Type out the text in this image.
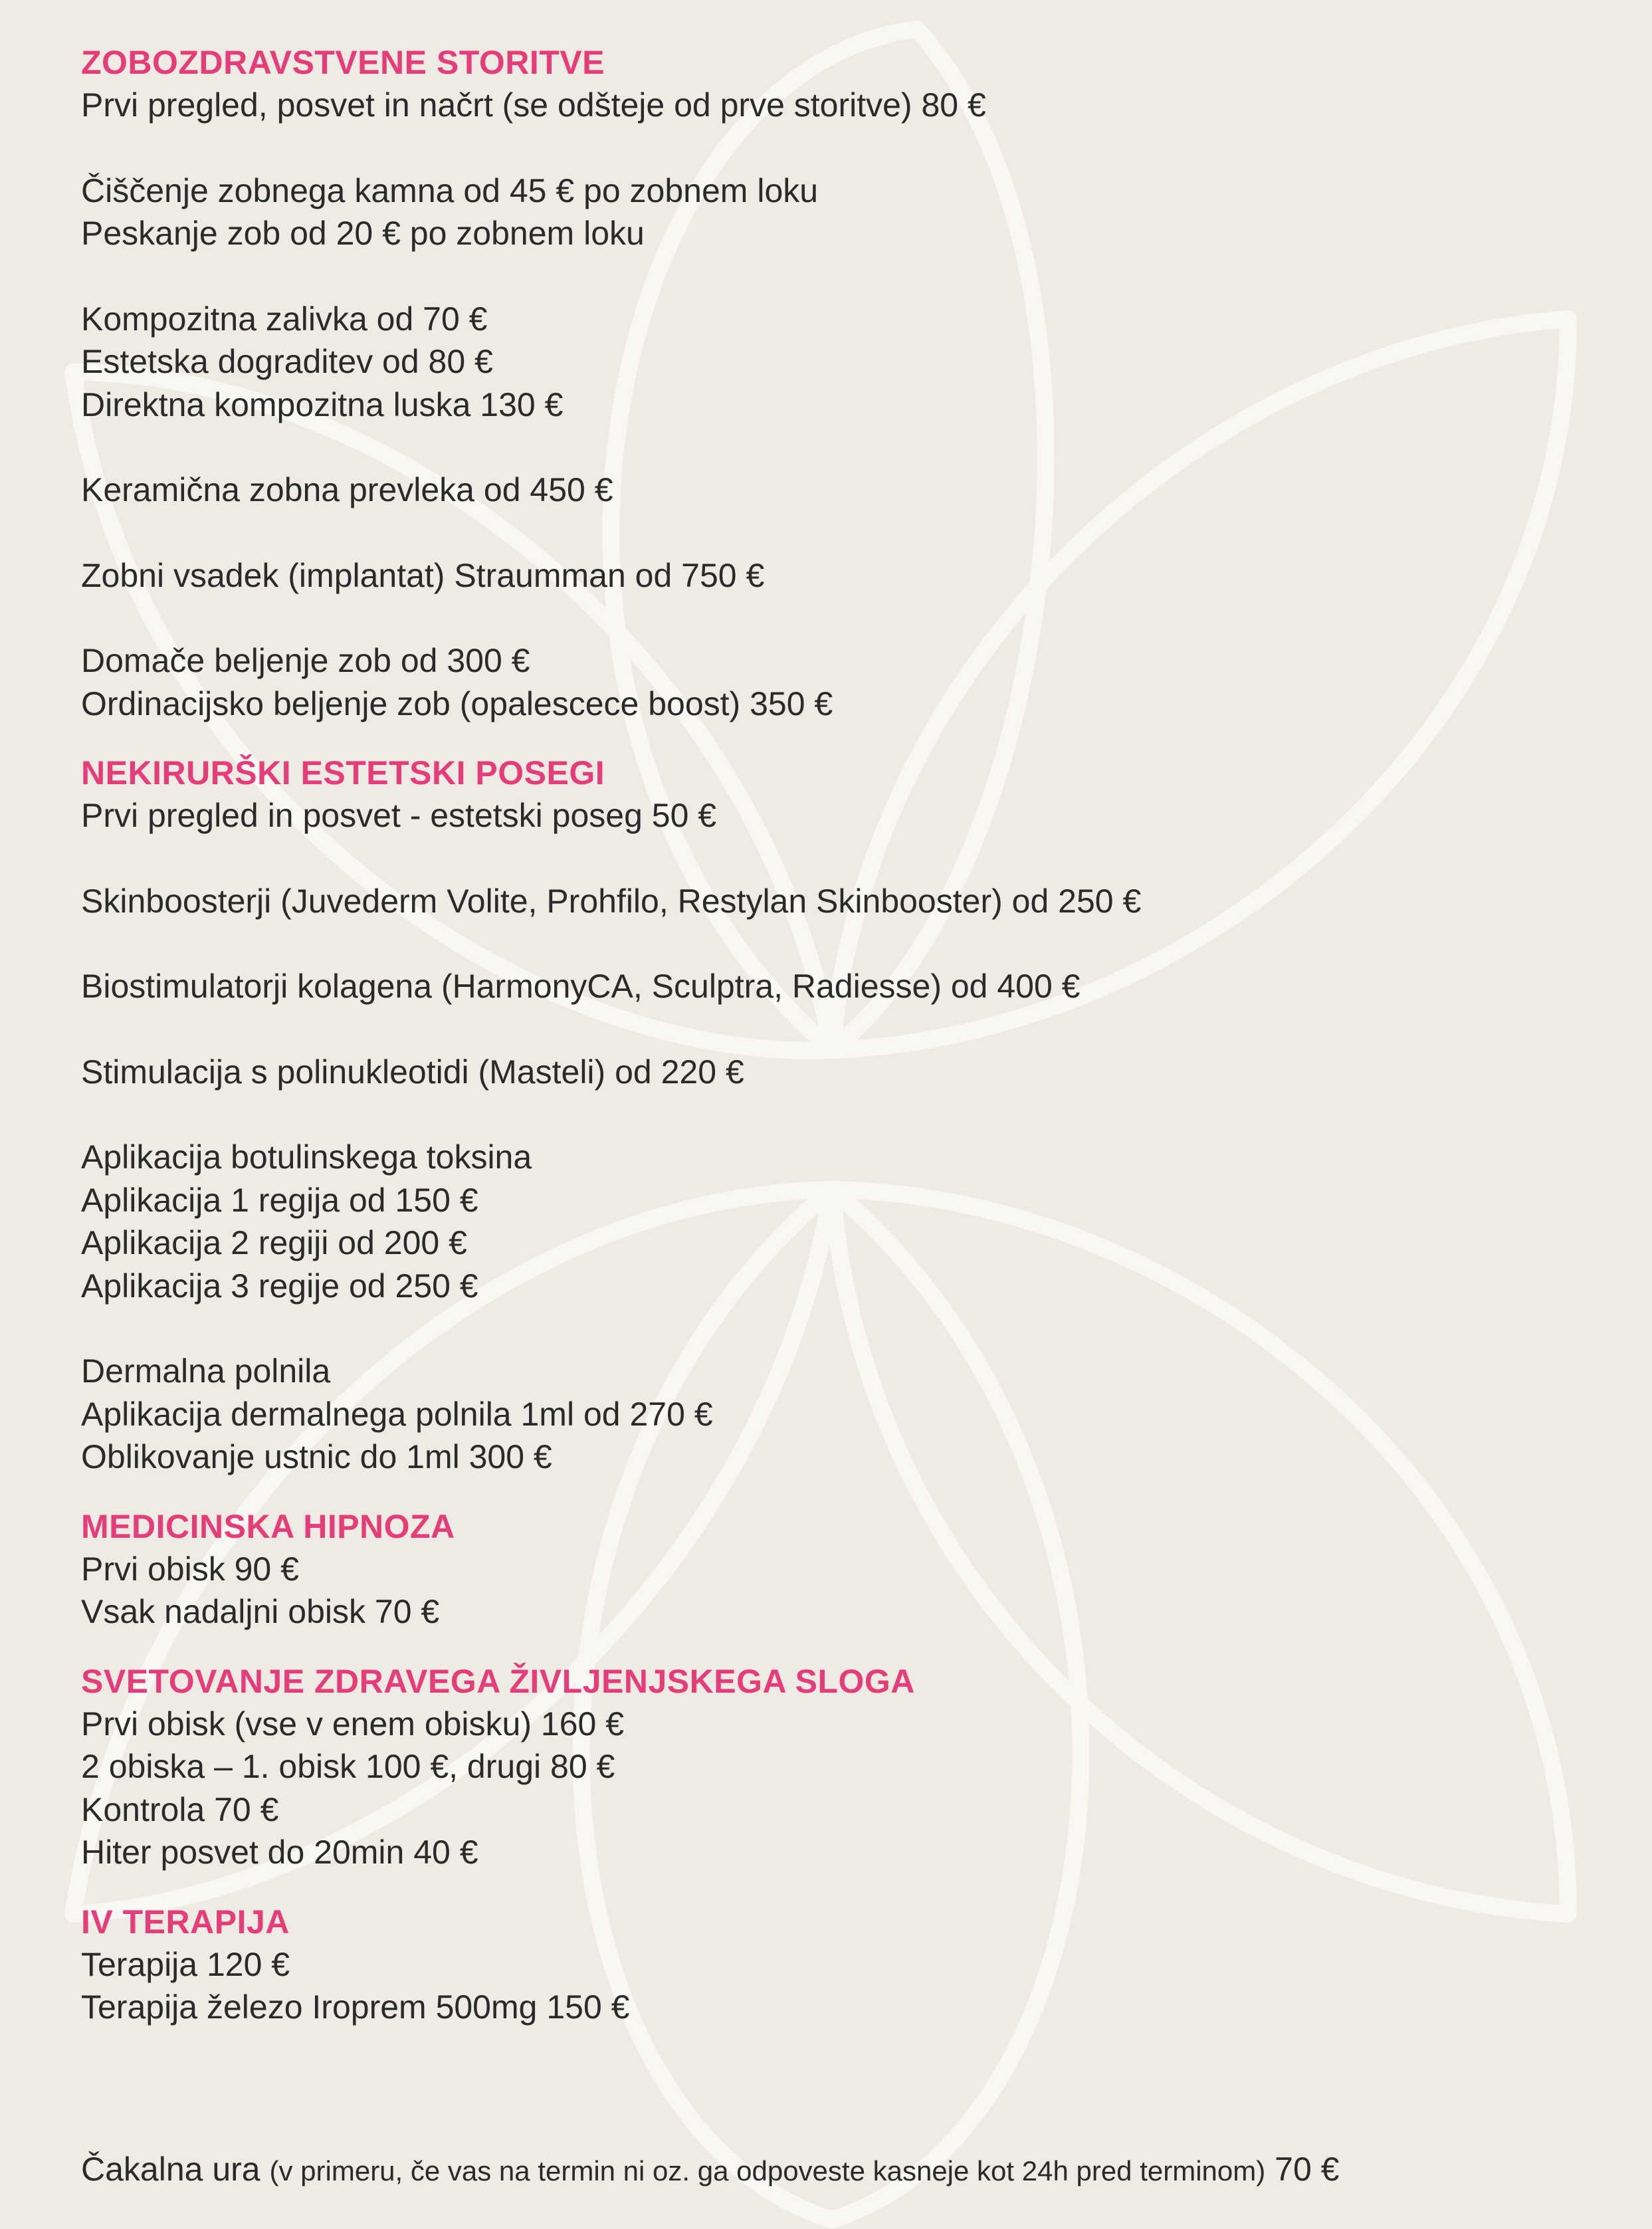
ZOBOZDRAVSTVENE STORITVE
Prvi pregled, posvet in načrt (se odšteje od prve storitve) 80 €
Čiščenje zobnega kamna od 45 € po zobnem loku
Peskanje zob od 20 € po zobnem loku
Kompozitna zalivka od 70 €
Estetska dograditev od 80 €
Direktna kompozitna luska 130 €
Keramična zobna prevleka od 450 €
Zobni vsadek (implantat) Straumman od 750 €
Domače beljenje zob od 300 €
Ordinacijsko beljenje zob (opalescece boost) 350 €
NEKIRURŠKI ESTETSKI POSEGI
Prvi pregled in posvet - estetski poseg 50 €
Skinboosterji (Juvederm Volite, Prohfilo, Restylan Skinbooster) od 250 €
Biostimulatorji kolagena (HarmonyCA, Sculptra, Radiesse) od 400 €
Stimulacija s polinukleotidi (Masteli) od 220 €
Aplikacija botulinskega toksina
Aplikacija 1 regija od 150 €
Aplikacija 2 regiji od 200 €
Aplikacija 3 regije od 250 €
Dermalna polnila
Aplikacija dermalnega polnila 1ml od 270 €
Oblikovanje ustnic do 1ml 300 €
MEDICINSKA HIPNOZA
Prvi obisk 90 €
Vsak nadaljni obisk 70 €
SVETOVANJE ZDRAVEGA ŽIVLJENJSKEGA SLOGA
Prvi obisk (vse v enem obisku) 160 €
2 obiska – 1. obisk 100 €, drugi 80 €
Kontrola 70 €
Hiter posvet do 20min 40 €
IV TERAPIJA
Terapija 120 €
Terapija železo Iroprem 500mg 150 €
Čakalna ura (v primeru, če vas na termin ni oz. ga odpoveste kasneje kot 24h pred terminom) 70 €
